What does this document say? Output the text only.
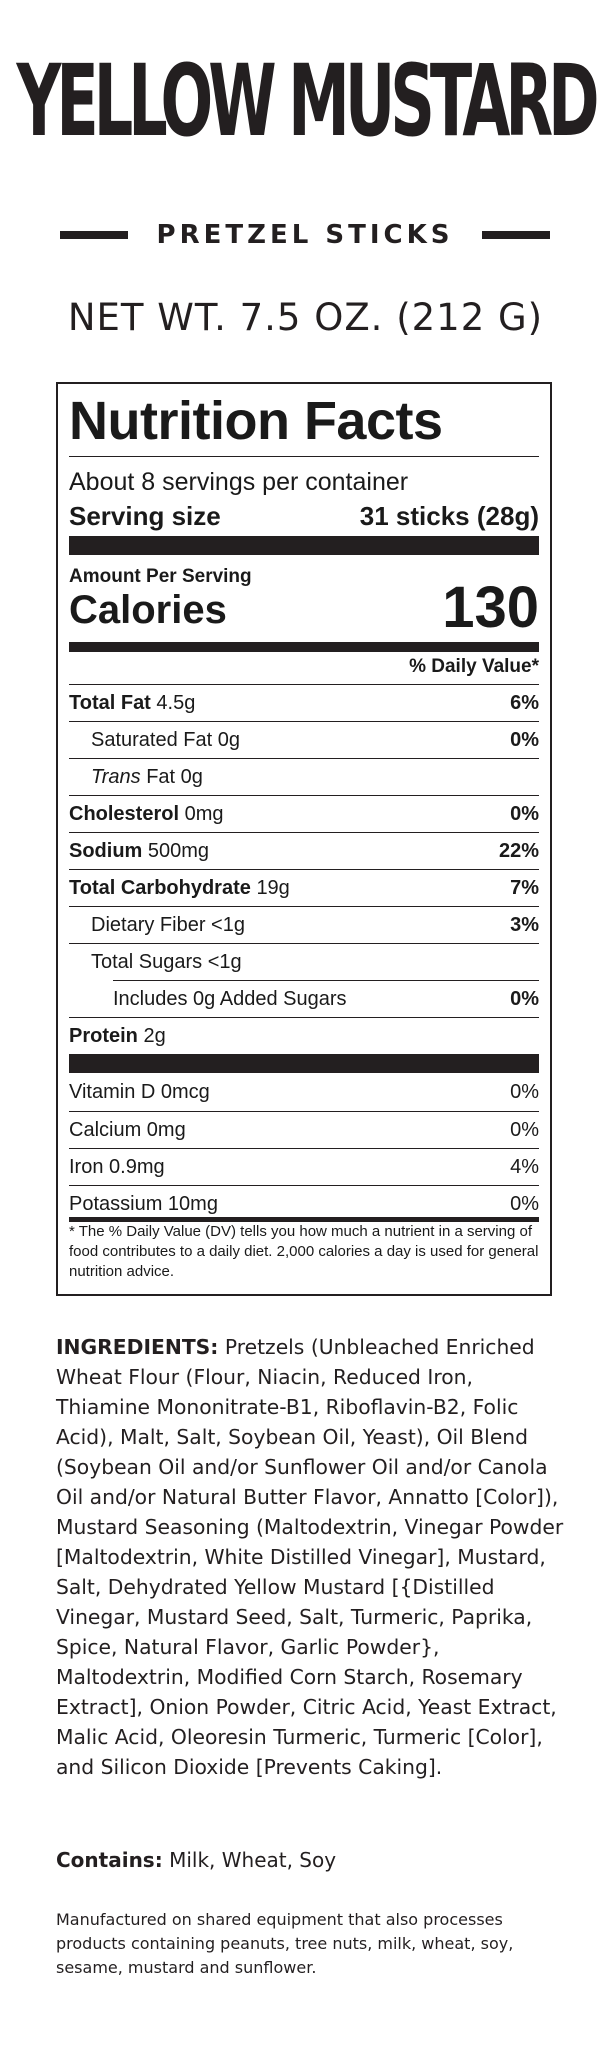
YELLOW MUSTARD
PRETZEL STICKS
NET WT. 7.5 OZ. (212 G)
Nutrition Facts
About 8 servings per container
Serving size	31 sticks (28g)
Amount Per Serving
Calories	130
% Daily Value*
Total Fat 4.5g	6%
Saturated Fat 0g	0%
Trans Fat 0g
Cholesterol 0mg	0%
Sodium 500mg	22%
Total Carbohydrate 19g	7%
Dietary Fiber <1g	3%
Total Sugars <1g
Includes 0g Added Sugars	0%
Protein 2g
Vitamin D 0mcg	0%
Calcium 0mg	0%
Iron 0.9mg	4%
Potassium 10mg	0%
* The % Daily Value (DV) tells you how much a nutrient in a serving of food contributes to a daily diet. 2,000 calories a day is used for general nutrition advice.
INGREDIENTS: Pretzels (Unbleached Enriched Wheat Flour (Flour, Niacin, Reduced Iron, Thiamine Mononitrate-B1, Riboflavin-B2, Folic Acid), Malt, Salt, Soybean Oil, Yeast), Oil Blend (Soybean Oil and/or Sunflower Oil and/or Canola Oil and/or Natural Butter Flavor, Annatto [Color]), Mustard Seasoning (Maltodextrin, Vinegar Powder [Maltodextrin, White Distilled Vinegar], Mustard, Salt, Dehydrated Yellow Mustard [{Distilled Vinegar, Mustard Seed, Salt, Turmeric, Paprika, Spice, Natural Flavor, Garlic Powder}, Maltodextrin, Modified Corn Starch, Rosemary Extract], Onion Powder, Citric Acid, Yeast Extract, Malic Acid, Oleoresin Turmeric, Turmeric [Color], and Silicon Dioxide [Prevents Caking].
Contains: Milk, Wheat, Soy
Manufactured on shared equipment that also processes products containing peanuts, tree nuts, milk, wheat, soy, sesame, mustard and sunflower.
